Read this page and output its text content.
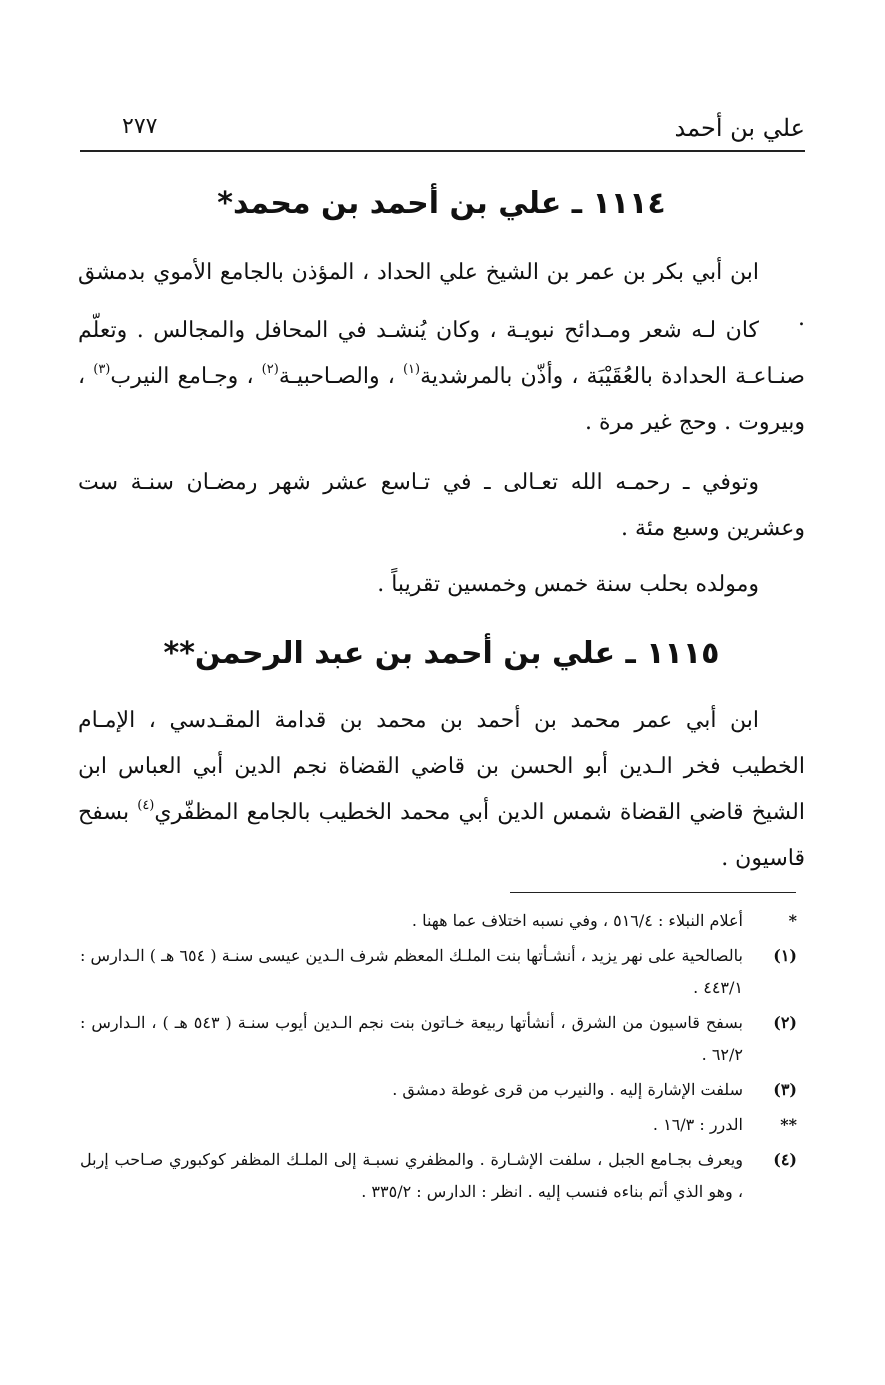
علي بن أحمد
٢٧٧
١١١٤ ـ علي بن أحمد بن محمد*
ابن أبي بكر بن عمر بن الشيخ علي الحداد ، المؤذن بالجامع الأموي بدمشق .
كان لـه شعر ومـدائح نبويـة ، وكان يُنشـد في المحافل والمجالس . وتعلّم صنـاعـة الحدادة بالعُقَيْبَة ، وأذّن بالمرشدية$^{(١)}$ ، والصـاحبيـة$^{(٢)}$ ، وجـامع النيرب$^{(٣)}$ ، وبيروت . وحج غير مرة .
وتوفي ـ رحمـه الله تعـالى ـ في تـاسع عشر شهر رمضـان سنـة ست وعشرين وسبع مئة .
ومولده بحلب سنة خمس وخمسين تقريباً .
١١١٥ ـ علي بن أحمد بن عبد الرحمن**
ابن أبي عمر محمد بن أحمد بن محمد بن قدامة المقـدسي ، الإمـام الخطيب فخر الـدين أبو الحسن بن قاضي القضاة نجم الدين أبي العباس ابن الشيخ قاضي القضاة شمس الدين أبي محمد الخطيب بالجامع المظفّري$^{(٤)}$ بسفح قاسيون .
*
أعلام النبلاء : ٥١٦/٤ ، وفي نسبه اختلاف عما ههنا .
(١)
بالصالحية على نهر يزيد ، أنشـأتها بنت الملـك المعظم شرف الـدين عيسى سنـة ( ٦٥٤ هـ ) الـدارس : ٤٤٣/١ .
(٢)
بسفح قاسيون من الشرق ، أنشأتها ربيعة خـاتون بنت نجم الـدين أيوب سنـة ( ٥٤٣ هـ ) ، الـدارس : ٦٢/٢ .
(٣)
سلفت الإشارة إليه . والنيرب من قرى غوطة دمشق .
**
الدرر : ١٦/٣ .
(٤)
ويعرف بجـامع الجبل ، سلفت الإشـارة . والمظفري نسبـة إلى الملـك المظفر كوكبوري صـاحب إربل ، وهو الذي أتم بناءه فنسب إليه . انظر : الدارس : ٣٣٥/٢ .
